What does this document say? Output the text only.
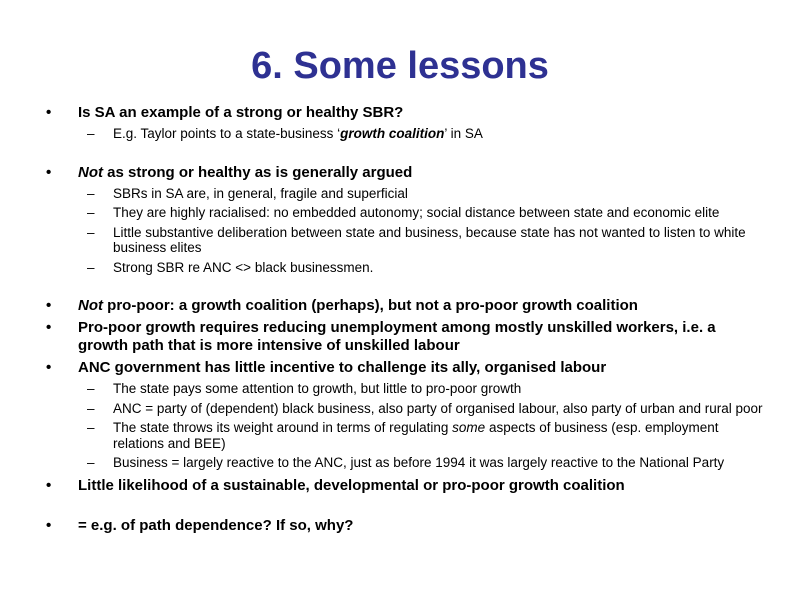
6. Some lessons

• Is SA an example of a strong or healthy SBR?

– E.g. Taylor points to a state-business ‘growth coalition’ in SA

• Not as strong or healthy as is generally argued

– SBRs in SA are, in general, fragile and superficial

– They are highly racialised: no embedded autonomy; social distance between state and economic elite

– Little substantive deliberation between state and business, because state has not wanted to listen to white business elites

– Strong SBR re ANC <> black businessmen.

• Not pro-poor: a growth coalition (perhaps), but not a pro-poor growth coalition

• Pro-poor growth requires reducing unemployment among mostly unskilled workers, i.e. a growth path that is more intensive of unskilled labour

• ANC government has little incentive to challenge its ally, organised labour

– The state pays some attention to growth, but little to pro-poor growth

– ANC = party of (dependent) black business, also party of organised labour, also party of urban and rural poor

– The state throws its weight around in terms of regulating some aspects of business (esp. employment relations and BEE)

– Business = largely reactive to the ANC, just as before 1994 it was largely reactive to the National Party

• Little likelihood of a sustainable, developmental or pro-poor growth coalition

• = e.g. of path dependence? If so, why?
